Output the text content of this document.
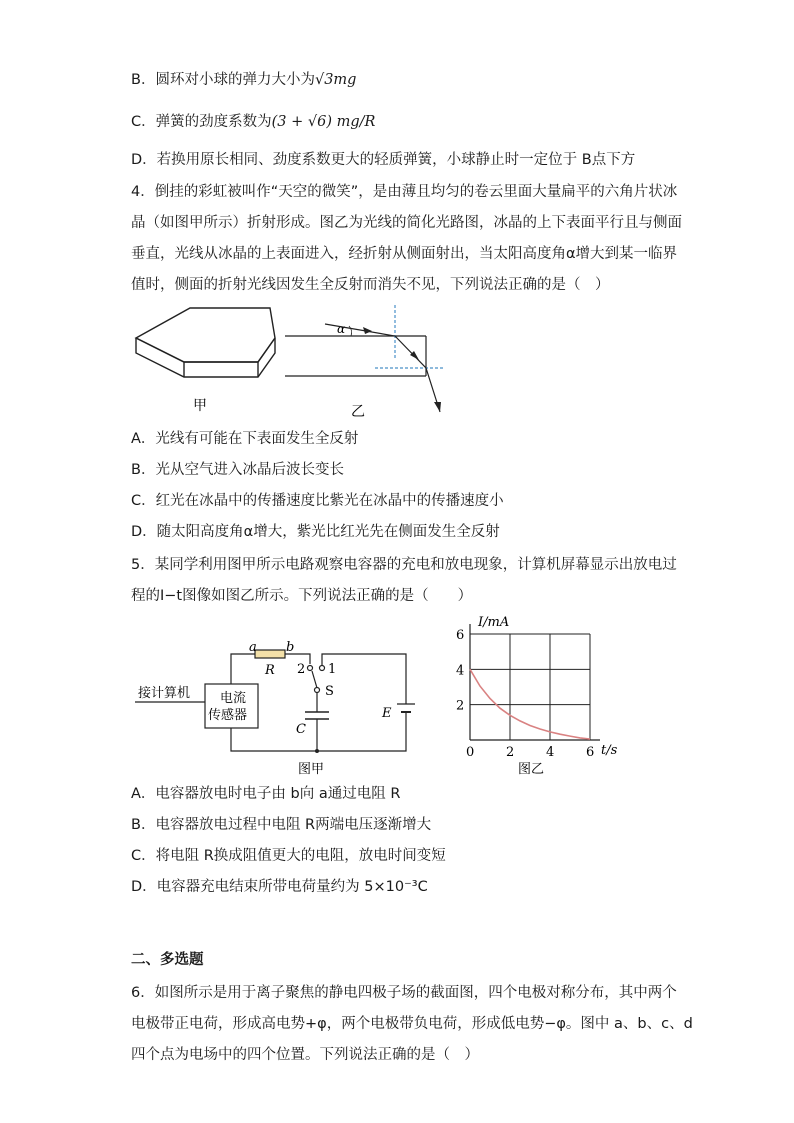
B．圆环对小球的弹力大小为√3mg
C．弹簧的劲度系数为(3 + √6) mg/R
D．若换用原长相同、劲度系数更大的轻质弹簧，小球静止时一定位于 B点下方
4．倒挂的彩虹被叫作“天空的微笑”，是由薄且均匀的卷云里面大量扁平的六角片状冰
晶（如图甲所示）折射形成。图乙为光线的简化光路图，冰晶的上下表面平行且与侧面
垂直，光线从冰晶的上表面进入，经折射从侧面射出，当太阳高度角α增大到某一临界
值时，侧面的折射光线因发生全反射而消失不见，下列说法正确的是（　）
甲
α
乙
A．光线有可能在下表面发生全反射
B．光从空气进入冰晶后波长变长
C．红光在冰晶中的传播速度比紫光在冰晶中的传播速度小
D．随太阳高度角α增大，紫光比红光先在侧面发生全反射
5．某同学利用图甲所示电路观察电容器的充电和放电现象，计算机屏幕显示出放电过
程的I−t图像如图乙所示。下列说法正确的是（　　）
a b
R 2 1
S
C
E
接计算机 电流
传感器
图甲
0 2 4 6
2
4
6
I/mA
t/s
图乙
A．电容器放电时电子由 b向 a通过电阻 R
B．电容器放电过程中电阻 R两端电压逐渐增大
C．将电阻 R换成阻值更大的电阻，放电时间变短
D．电容器充电结束所带电荷量约为 5×10⁻³C
二、多选题
6．如图所示是用于离子聚焦的静电四极子场的截面图，四个电极对称分布，其中两个
电极带正电荷，形成高电势+φ，两个电极带负电荷，形成低电势−φ。图中 a、b、c、d
四个点为电场中的四个位置。下列说法正确的是（　）
